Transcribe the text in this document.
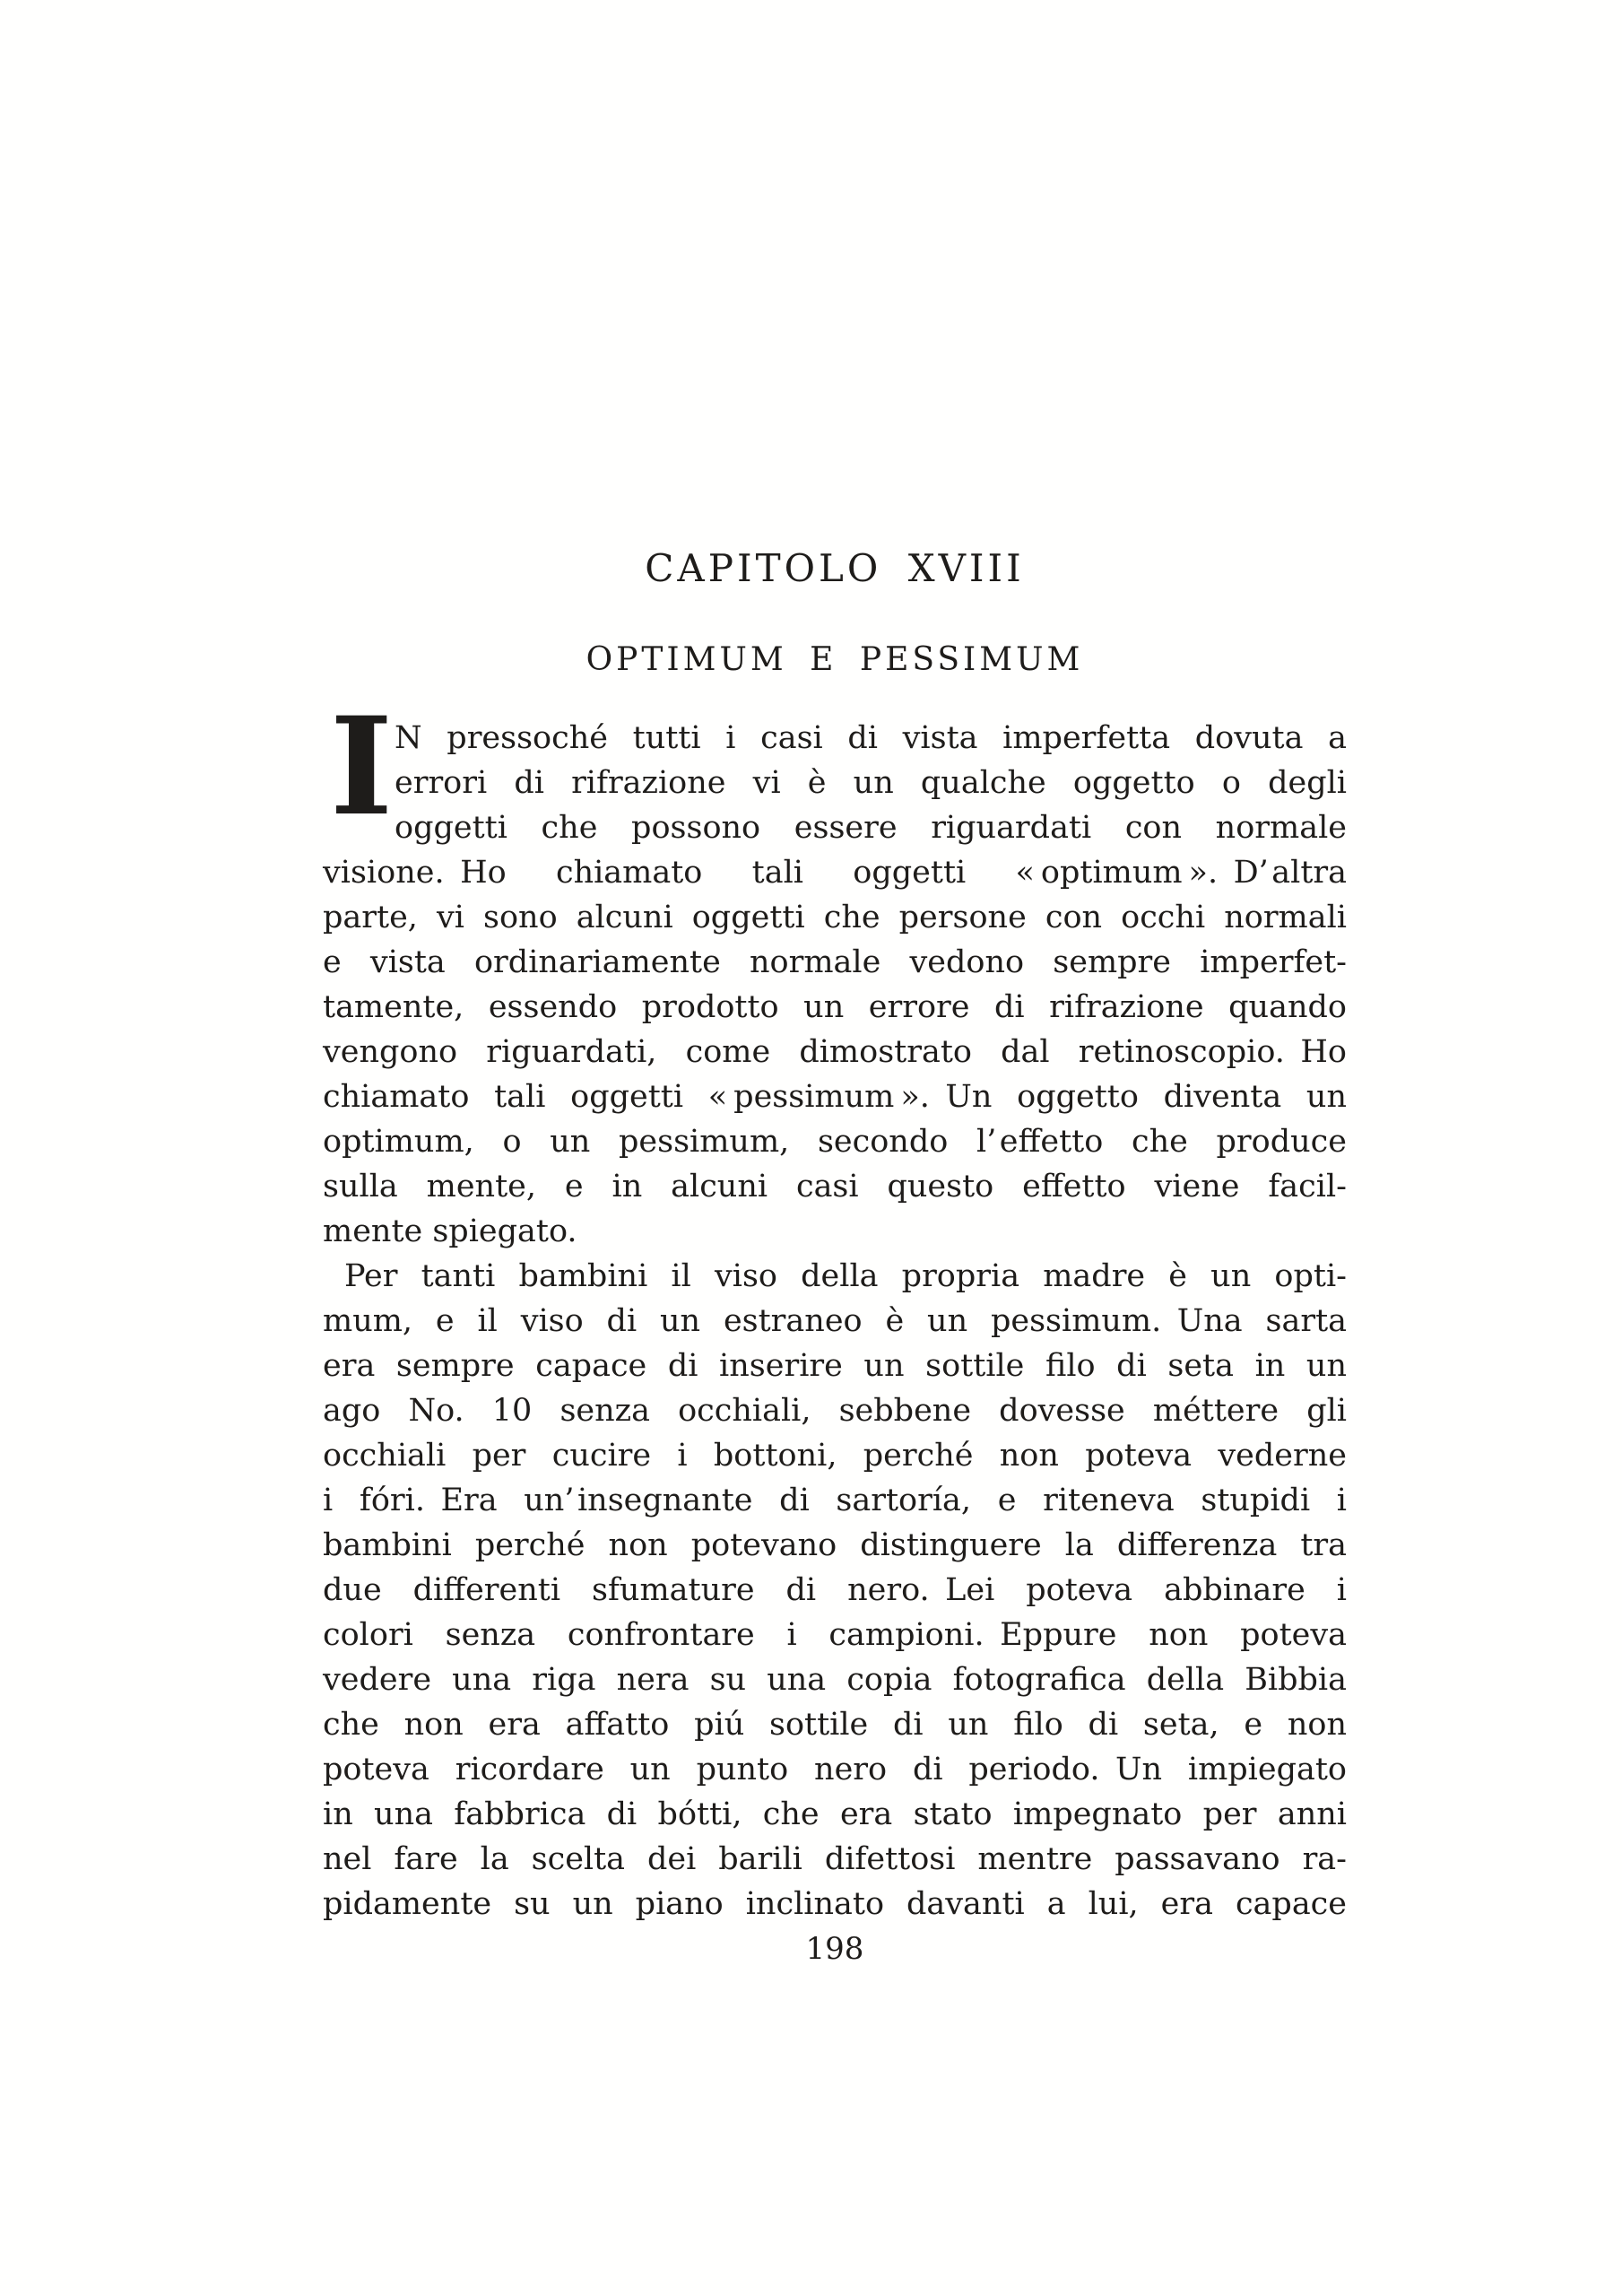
CAPITOLO XVIII
OPTIMUM E PESSIMUM
I N pressoché tutti i casi di vista imperfetta dovuta a
errori di rifrazione vi è un qualche oggetto o degli
oggetti che possono essere riguardati con normale
visione. Ho chiamato tali oggetti « optimum ». D’ altra
parte, vi sono alcuni oggetti che persone con occhi normali
e vista ordinariamente normale vedono sempre imperfet-
tamente, essendo prodotto un errore di rifrazione quando
vengono riguardati, come dimostrato dal retinoscopio. Ho
chiamato tali oggetti « pessimum ». Un oggetto diventa un
optimum, o un pessimum, secondo l’ effetto che produce
sulla mente, e in alcuni casi questo effetto viene facil-
mente spiegato.
Per tanti bambini il viso della propria madre è un opti-
mum, e il viso di un estraneo è un pessimum. Una sarta
era sempre capace di inserire un sottile filo di seta in un
ago No. 10 senza occhiali, sebbene dovesse méttere gli
occhiali per cucire i bottoni, perché non poteva vederne
i fóri. Era un’ insegnante di sartoría, e riteneva stupidi i
bambini perché non potevano distinguere la differenza tra
due differenti sfumature di nero. Lei poteva abbinare i
colori senza confrontare i campioni. Eppure non poteva
vedere una riga nera su una copia fotografica della Bibbia
che non era affatto piú sottile di un filo di seta, e non
poteva ricordare un punto nero di periodo. Un impiegato
in una fabbrica di bótti, che era stato impegnato per anni
nel fare la scelta dei barili difettosi mentre passavano ra-
pidamente su un piano inclinato davanti a lui, era capace
198
